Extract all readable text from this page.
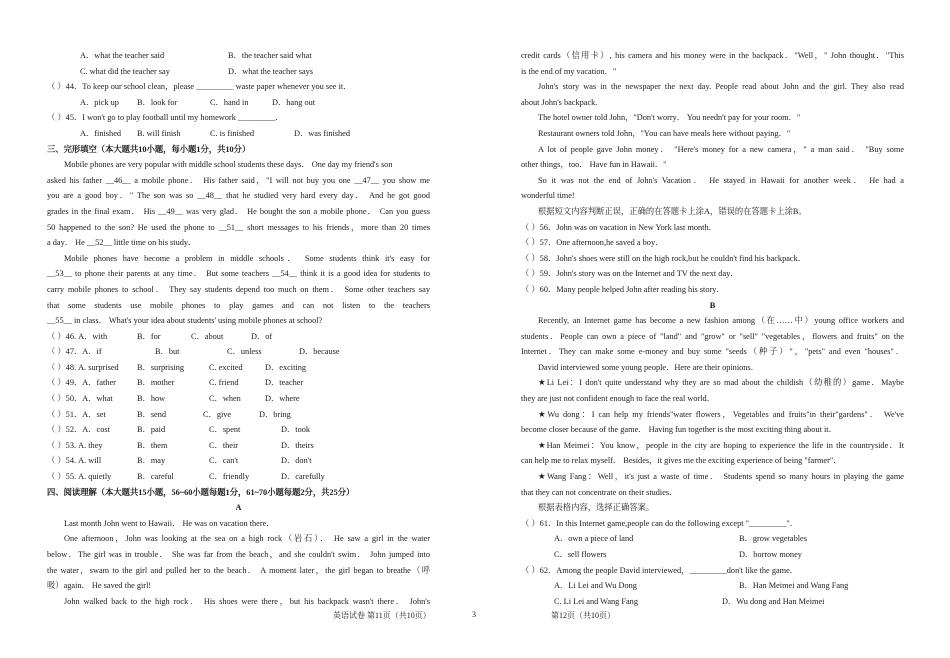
A．what the teacher said	B．the teacher said what
C. what did the teacher say	D．what the teacher says
（ ）44．To keep our school clean，please _________ waste paper whenever you see it．
A．pick up	B．look for	C．hand in	D．hang out
（ ）45．I won't go to play football until my homework _________．
A．finished	B. will finish	C. is finished	D．was finished
三、完形填空（本大题共10小题，每小题1分，共10分）
Mobile phones are very popular with middle school students these days． One day my friend's son
asked his father __46__ a mobile phone． His father said，"I will not buy you one __47__ you show me
you are a good boy．" The son was so __48__ that he studied very hard every day． And he got good
grades in the final exam． His __49__ was very glad． He bought the son a mobile phone． Can you guess
50 happened to the son? He used the phone to __51__ short messages to his friends，more than 20 times
a day． He __52__ little time on his study．
Mobile phones have become a problem in middle schools． Some students think it's easy for
__53__ to phone their parents at any time． But some teachers __54__ think it is a good idea for students to
carry mobile phones to school． They say students depend too much on them． Some other teachers say
that some students use mobile phones to play games and can not listen to the teachers
__55__ in class． What's your idea about students' using mobile phones at school?
（ ）46. A．with	B．for	C．about	D．of
（ ）47．A．if	B．but	C．unless	D．because
（ ）48. A. surprised	B．surprising	C. excited	D．exciting
（ ）49．A．father	B．mother	C. friend	D．teacher
（ ）50．A．what	B．how	C．when	D．where
（ ）51．A．set	B．send	C．give	D．bring
（ ）52．A．cost	B．paid	C．spent	D．took
（ ）53. A. they	B．them	C．their	D．theirs
（ ）54. A. will	B．may	C．can't	D．don't
（ ）55. A. quietly	B．careful	C．friendly	D．carefully
四、阅读理解（本大题共15小题，56~60小题每题1分，61~70小题每题2分，共25分）
A
Last month John went to Hawaii． He was on vacation there．
One afternoon，John was looking at the sea on a high rock（岩石）． He saw a girl in the water
below．The girl was in trouble． She was far from the beach，and she couldn't swim． John jumped into
the water，swam to the girl and pulled her to the beach． A moment later，the girl began to breathe（呼
吸）again． He saved the girl!
John walked back to the high rock． His shoes were there，but his backpack wasn't there． John's
credit cards（信用卡）, his camera and his money were in the backpack．"Well，" John thought．"This
is the end of my vacation．"
John's story was in the newspaper the next day. People read about John and the girl. They also read
about John's backpack.
The hotel owner told John，"Don't worry． You needn't pay for your room．"
Restaurant owners told John，"You can have meals here without paying．"
A lot of people gave John money． "Here's money for a new camera，" a man said． "Buy some
other things，too． Have fun in Hawaii．"
So it was not the end of John's Vacation． He stayed in Hawaii for another week． He had a
wonderful time!
根据短文内容判断正误，正确的在答题卡上涂A，错误的在答题卡上涂B。
（ ）56．John was on vacation in New York last month．
（ ）57．One afternoon,he saved a boy．
（ ）58．John's shoes were still on the high rock,but he couldn't find his backpack．
（ ）59．John's story was on the Internet and TV the next day．
（ ）60．Many people helped John after reading his story．
B
Recently, an Internet game has become a new fashion among（在……中）young office workers and
students．People can own a piece of "land" and "grow" or "sell" "vegetables，flowers and fruits" on the
Internet．They can make some e-money and buy some "seeds（种子）"，"pets" and even "houses"．
David interviewed some young people．Here are their opinions．
★Li Lei：I don't quite understand why they are so mad about the childish（幼稚的）game．Maybe
they are just not confident enough to face the real world．
★Wu dong：I can help my friends"water flowers，Vegetables and fruits"in their"gardens"． We've
become closer because of the game． Having fun together is the most exciting thing about it．
★Han Meimei：You know，people in the city are hoping to experience the life in the countryside．It
can help me to relax myself． Besides，it gives me the exciting experience of being "farmer"．
★Wang Fang：Well，it's just a waste of time． Students spend so many hours in playing the game
that they can not concentrate on their studies．
根据表格内容，选择正确答案。
（ ）61．In this Internet game,people can do the following except "_________"．
A．own a piece of land	B．grow vegetables
C．sell flowers	D．borrow money
（ ）62．Among the people David interviewed，_________don't like the game．
A．Li Lei and Wu Dong	B．Han Meimei and Wang Fang
C. Li Lei and Wang Fang	D．Wu dong and Han Meimei
英语试卷 第11页（共10页）	3	第12页（共10页）
